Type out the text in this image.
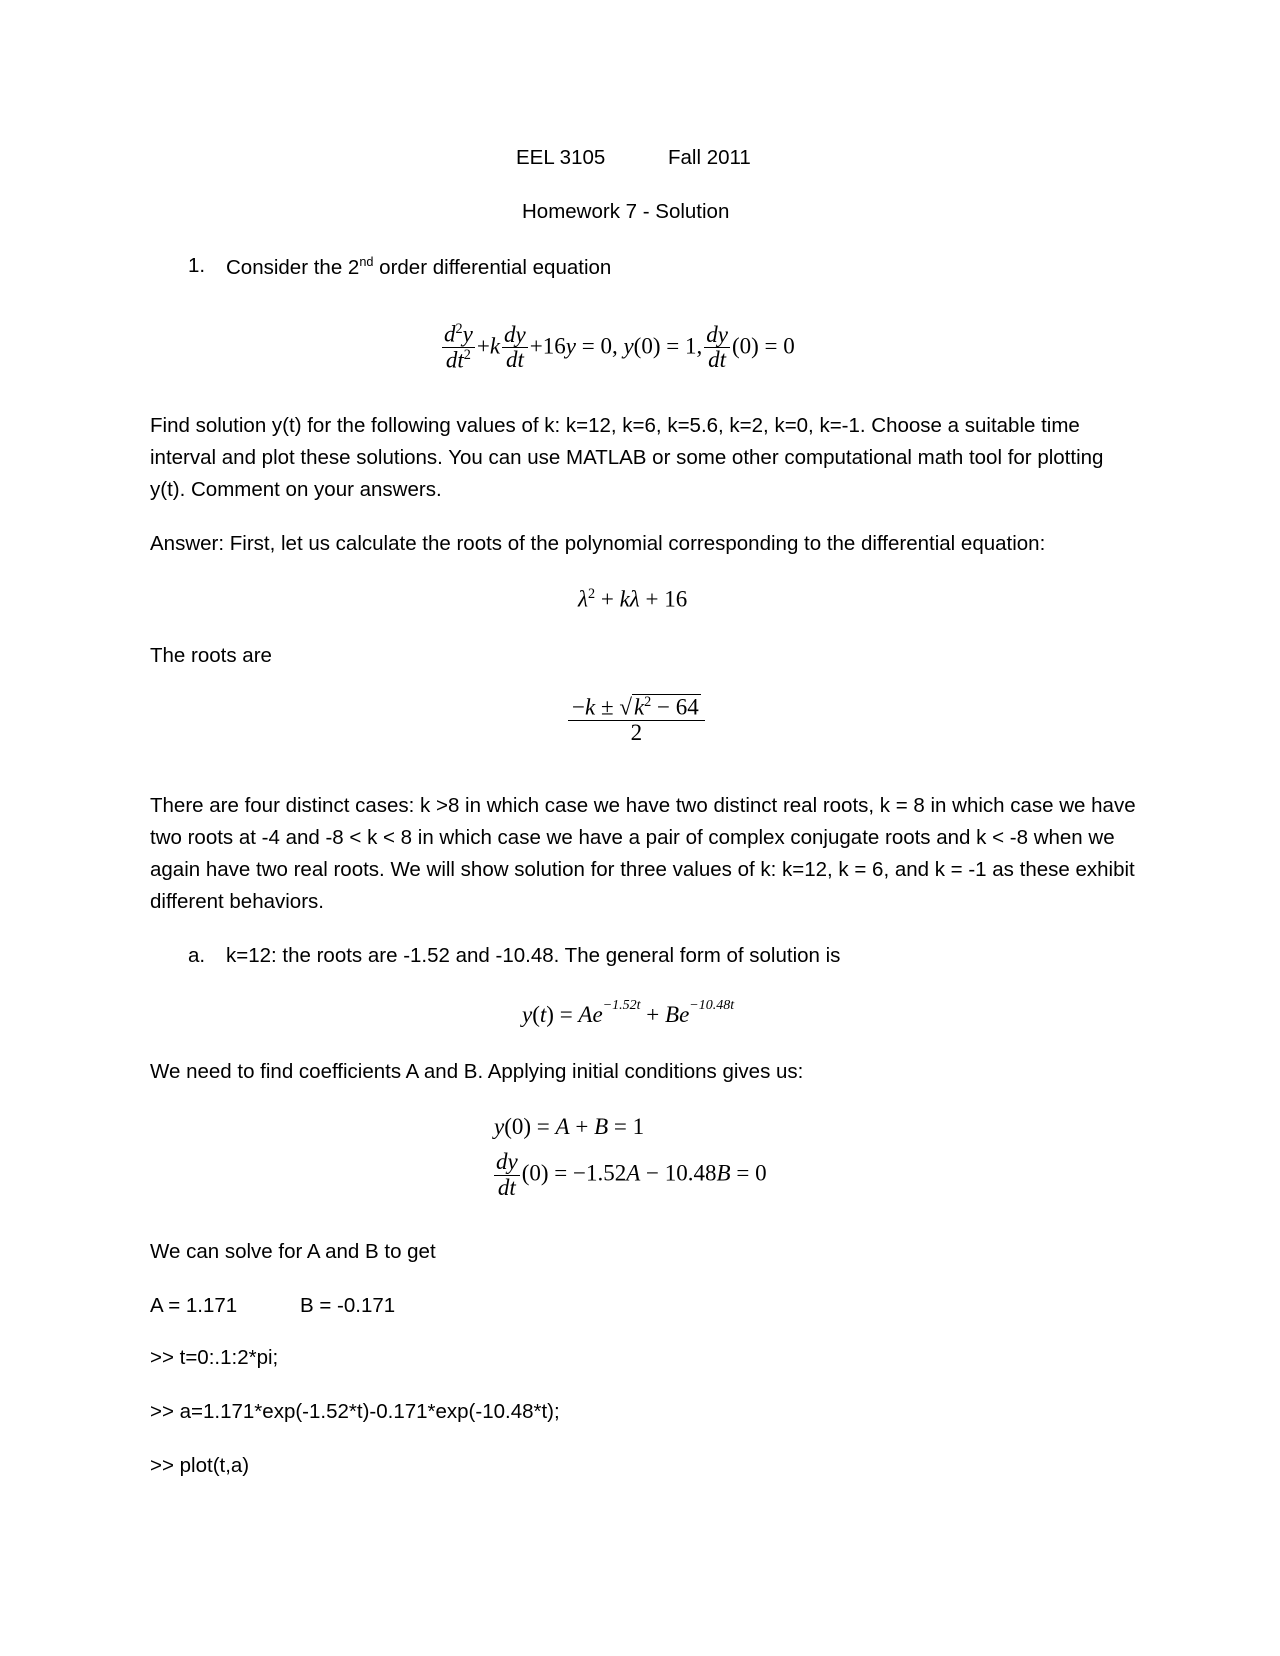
EEL 3105	Fall 2011
Homework 7 - Solution
1. Consider the 2nd order differential equation
$\frac{d^2y}{dt^2} +k \frac{dy}{dt} +16y = 0$, y(0) = 1, $\frac{dy}{dt} (0) = 0$
Find solution y(t) for the following values of k: k=12, k=6, k=5.6, k=2, k=0, k=-1. Choose a suitable time interval and plot these solutions. You can use MATLAB or some other computational math tool for plotting y(t). Comment on your answers.
Answer: First, let us calculate the roots of the polynomial corresponding to the differential equation:
$\lambda^2 + k\lambda + 16$
The roots are
$\frac{-k \pm √k^2 - 64}{2}$
There are four distinct cases: k >8 in which case we have two distinct real roots, k = 8 in which case we have two roots at -4 and -8 < k < 8 in which case we have a pair of complex conjugate roots and k < -8 when we again have two real roots. We will show solution for three values of k: k=12, k = 6, and k = -1 as these exhibit different behaviors.
a. k=12: the roots are -1.52 and -10.48. The general form of solution is
$y(t) = Ae^{-1.52t} + Be^{-10.48t}$
We need to find coefficients A and B. Applying initial conditions gives us:
y(0) = A + B = 1
$\frac{dy}{dt} (0) = -1.52A - 10.48B = 0$
We can solve for A and B to get
A = 1.171	B = -0.171
>> t=0:.1:2*pi;
>> a=1.171*exp(-1.52*t)-0.171*exp(-10.48*t);
>> plot(t,a)
